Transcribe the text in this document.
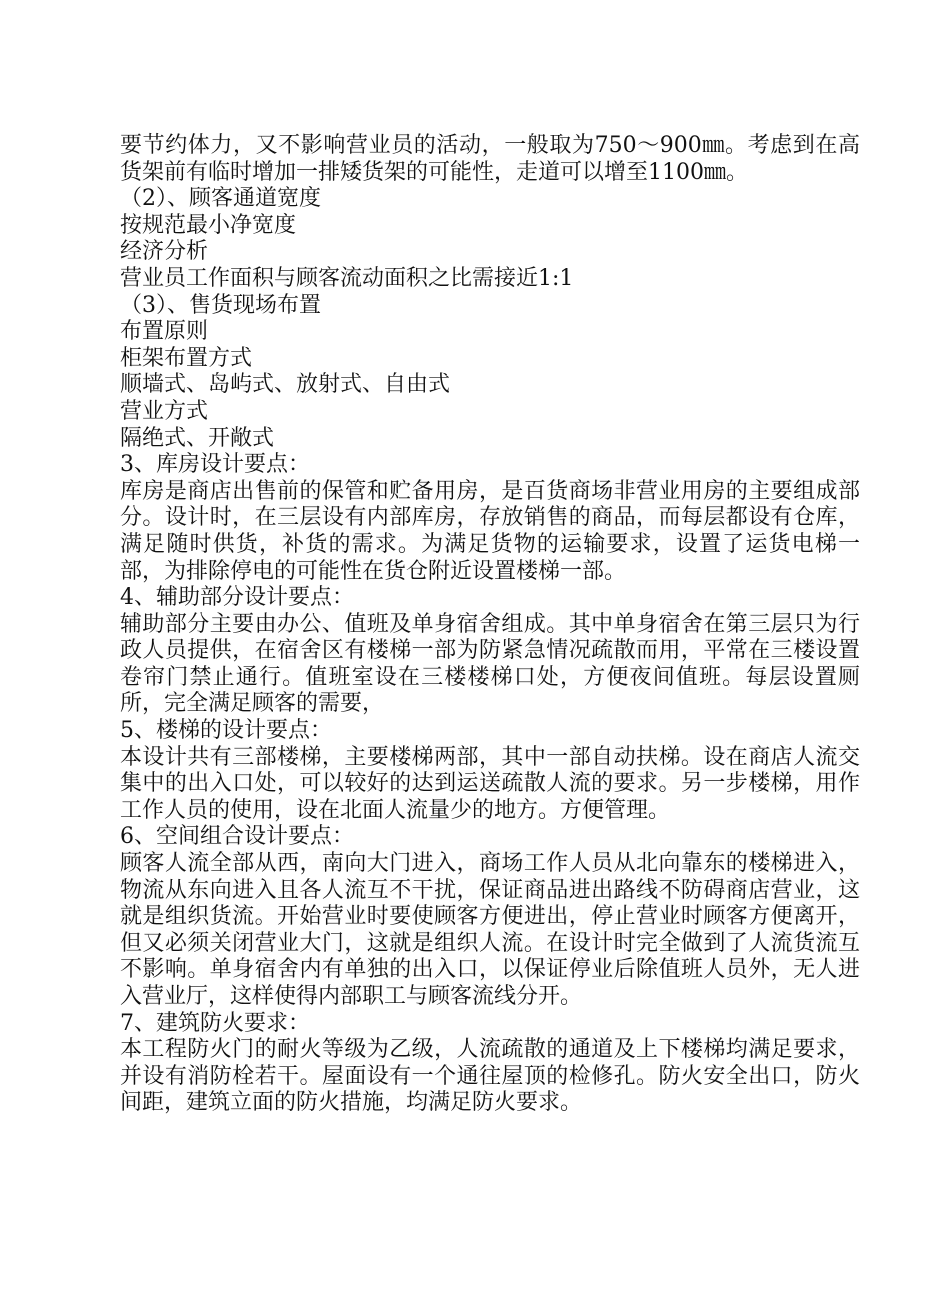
要节约体力，又不影响营业员的活动，一般取为750～900㎜。考虑到在高货架前有临时增加一排矮货架的可能性，走道可以增至1100㎜。
（2）、顾客通道宽度
按规范最小净宽度
经济分析
营业员工作面积与顾客流动面积之比需接近1:1
（3）、售货现场布置
布置原则
柜架布置方式
顺墙式、岛屿式、放射式、自由式
营业方式
隔绝式、开敞式
3、库房设计要点：
库房是商店出售前的保管和贮备用房，是百货商场非营业用房的主要组成部分。设计时，在三层设有内部库房，存放销售的商品，而每层都设有仓库，满足随时供货，补货的需求。为满足货物的运输要求，设置了运货电梯一部，为排除停电的可能性在货仓附近设置楼梯一部。
4、辅助部分设计要点：
辅助部分主要由办公、值班及单身宿舍组成。其中单身宿舍在第三层只为行政人员提供，在宿舍区有楼梯一部为防紧急情况疏散而用，平常在三楼设置卷帘门禁止通行。值班室设在三楼楼梯口处，方便夜间值班。每层设置厕所，完全满足顾客的需要，
5、楼梯的设计要点：
本设计共有三部楼梯，主要楼梯两部，其中一部自动扶梯。设在商店人流交集中的出入口处，可以较好的达到运送疏散人流的要求。另一步楼梯，用作工作人员的使用，设在北面人流量少的地方。方便管理。
6、空间组合设计要点：
顾客人流全部从西，南向大门进入，商场工作人员从北向靠东的楼梯进入，物流从东向进入且各人流互不干扰，保证商品进出路线不防碍商店营业，这就是组织货流。开始营业时要使顾客方便进出，停止营业时顾客方便离开，但又必须关闭营业大门，这就是组织人流。在设计时完全做到了人流货流互不影响。单身宿舍内有单独的出入口，以保证停业后除值班人员外，无人进入营业厅，这样使得内部职工与顾客流线分开。
7、建筑防火要求：
本工程防火门的耐火等级为乙级，人流疏散的通道及上下楼梯均满足要求，并设有消防栓若干。屋面设有一个通往屋顶的检修孔。防火安全出口，防火间距，建筑立面的防火措施，均满足防火要求。
